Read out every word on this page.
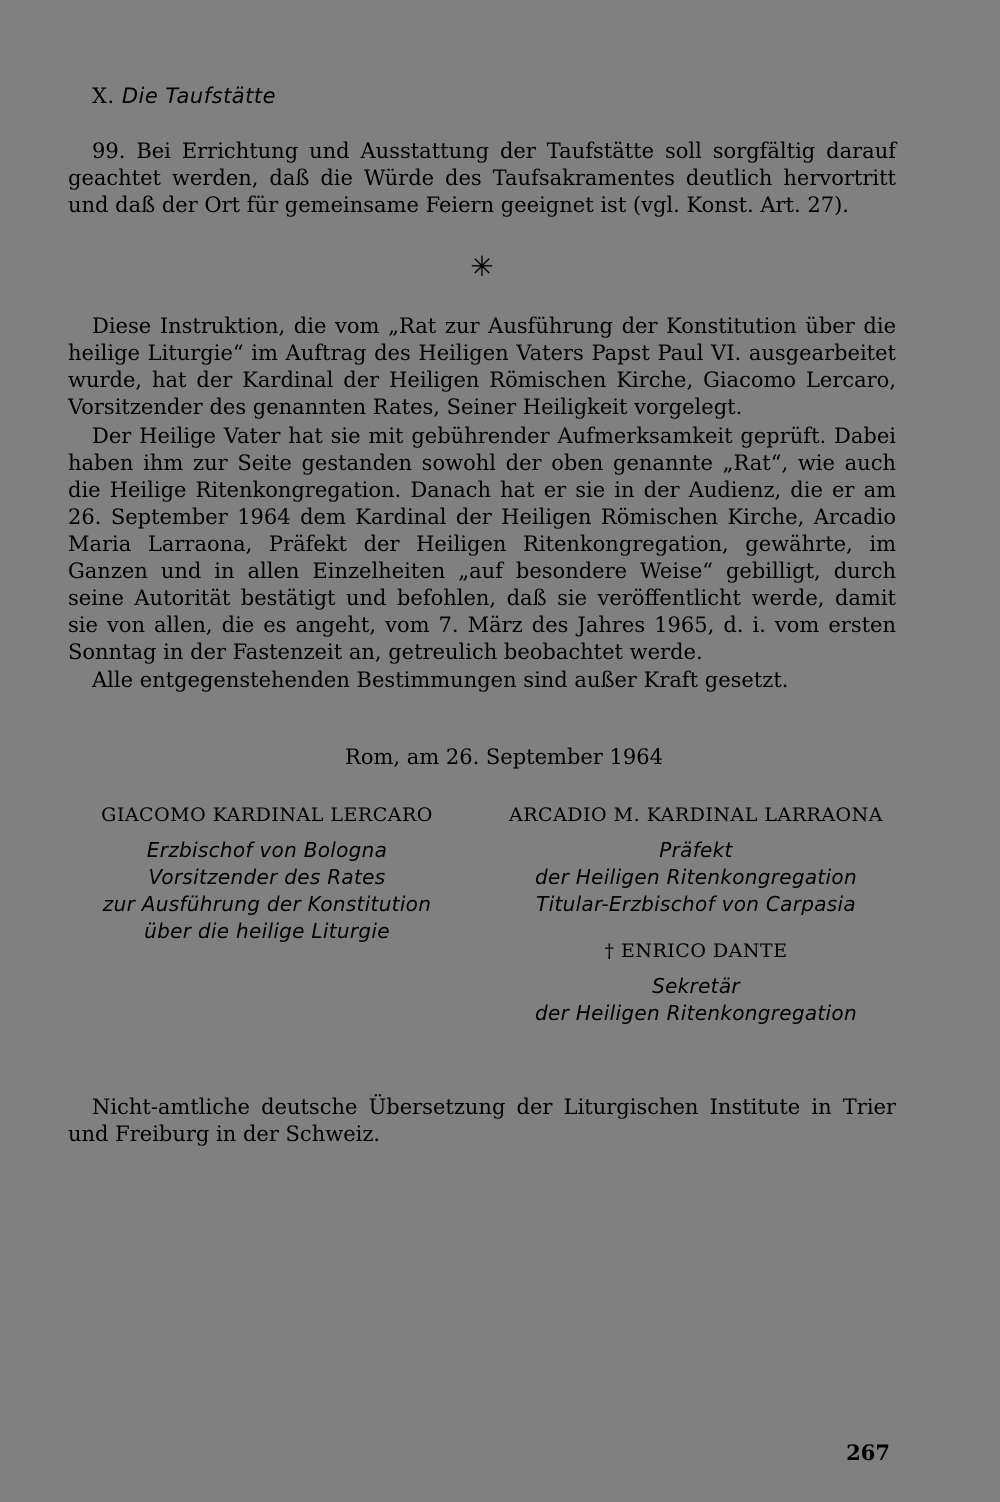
X. Die Taufstätte

99. Bei Errichtung und Ausstattung der Taufstätte soll sorgfältig darauf geachtet werden, daß die Würde des Taufsakramentes deutlich hervortritt und daß der Ort für gemeinsame Feiern geeignet ist (vgl. Konst. Art. 27).

✳

Diese Instruktion, die vom „Rat zur Ausführung der Konstitution über die heilige Liturgie“ im Auftrag des Heiligen Vaters Papst Paul VI. ausgearbeitet wurde, hat der Kardinal der Heiligen Römischen Kirche, Giacomo Lercaro, Vorsitzender des genannten Rates, Seiner Heiligkeit vorgelegt.

Der Heilige Vater hat sie mit gebührender Aufmerksamkeit geprüft. Dabei haben ihm zur Seite gestanden sowohl der oben genannte „Rat“, wie auch die Heilige Ritenkongregation. Danach hat er sie in der Audienz, die er am 26. September 1964 dem Kardinal der Heiligen Römischen Kirche, Arcadio Maria Larraona, Präfekt der Heiligen Ritenkongregation, gewährte, im Ganzen und in allen Einzelheiten „auf besondere Weise“ gebilligt, durch seine Autorität bestätigt und befohlen, daß sie veröffentlicht werde, damit sie von allen, die es angeht, vom 7. März des Jahres 1965, d. i. vom ersten Sonntag in der Fastenzeit an, getreulich beobachtet werde.

Alle entgegenstehenden Bestimmungen sind außer Kraft gesetzt.

Rom, am 26. September 1964
GIACOMO KARDINAL LERCARO
Erzbischof von Bologna
Vorsitzender des Rates
zur Ausführung der Konstitution
über die heilige Liturgie
ARCADIO M. KARDINAL LARRAONA
Präfekt
der Heiligen Ritenkongregation
Titular-Erzbischof von Carpasia
† ENRICO DANTE
Sekretär
der Heiligen Ritenkongregation

Nicht-amtliche deutsche Übersetzung der Liturgischen Institute in Trier und Freiburg in der Schweiz.

267
